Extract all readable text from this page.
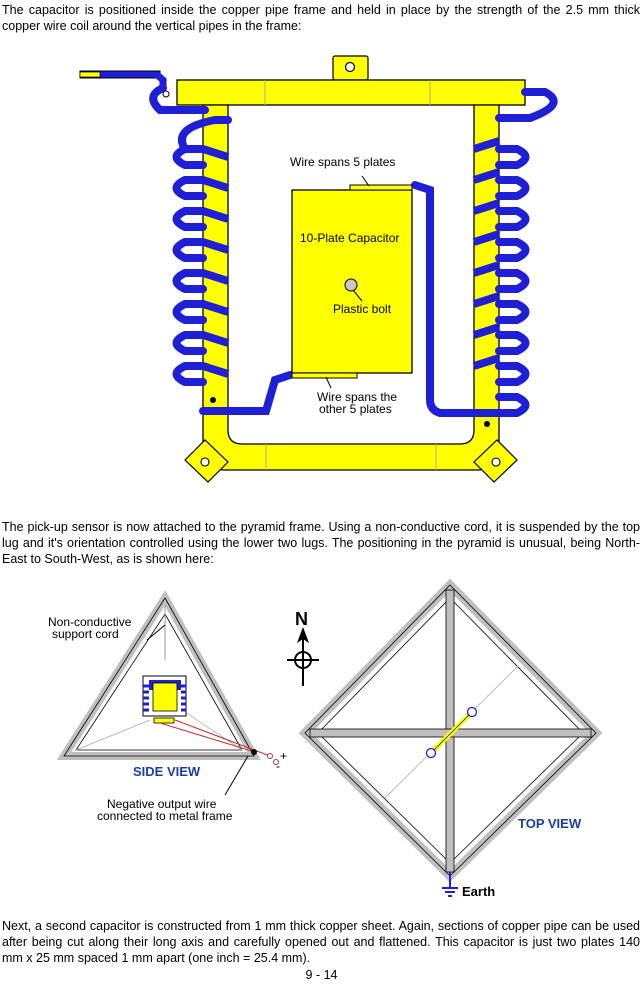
The capacitor is positioned inside the copper pipe frame and held in place by the strength of the 2.5 mm thick copper wire coil around the vertical pipes in the frame:

Wire spans 5 plates
10-Plate Capacitor
Plastic bolt
Wire spans the
other 5 plates

The pick-up sensor is now attached to the pyramid frame. Using a non-conductive cord, it is suspended by the top lug and it's orientation controlled using the lower two lugs. The positioning in the pyramid is unusual, being North-East to South-West, as is shown here:

Non-conductive
support cord
+
-
SIDE VIEW
Negative output wire
connected to metal frame
N
TOP VIEW
Earth

Next, a second capacitor is constructed from 1 mm thick copper sheet. Again, sections of copper pipe can be used after being cut along their long axis and carefully opened out and flattened. This capacitor is just two plates 140 mm x 25 mm spaced 1 mm apart (one inch = 25.4 mm).

9 - 14
